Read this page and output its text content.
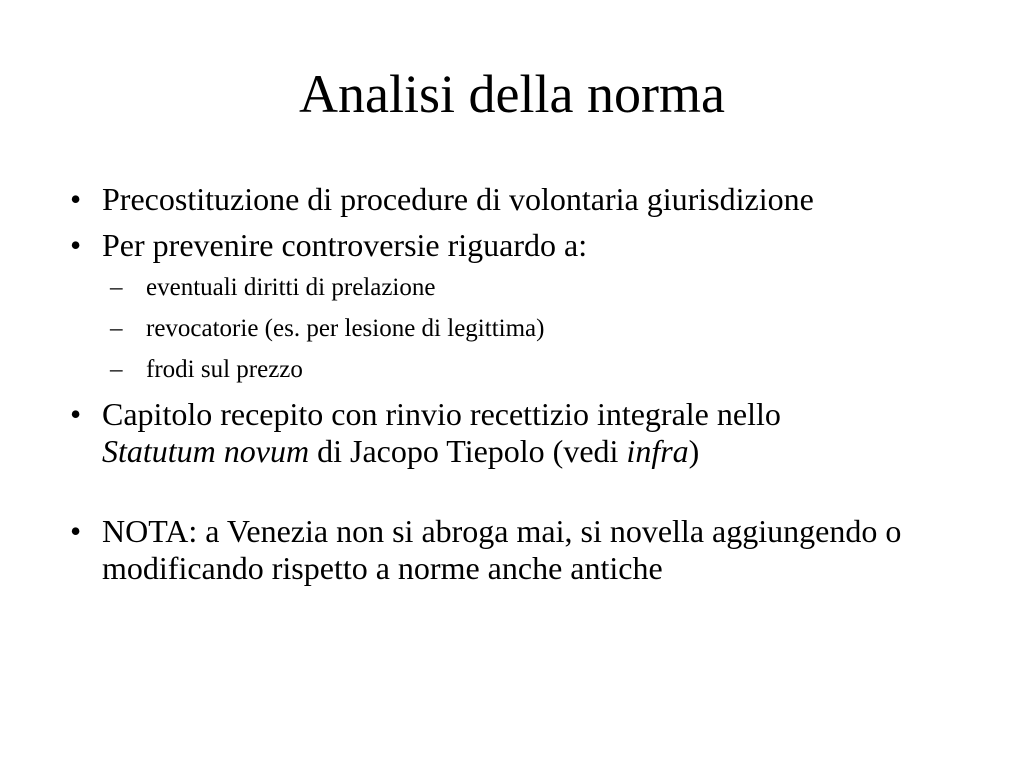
Analisi della norma
• Precostituzione di procedure di volontaria giurisdizione
• Per prevenire controversie riguardo a:
– eventuali diritti di prelazione
– revocatorie (es. per lesione di legittima)
– frodi sul prezzo
• Capitolo recepito con rinvio recettizio integrale nello
Statutum novum di Jacopo Tiepolo (vedi infra)
• NOTA: a Venezia non si abroga mai, si novella aggiungendo o modificando rispetto a norme anche antiche
